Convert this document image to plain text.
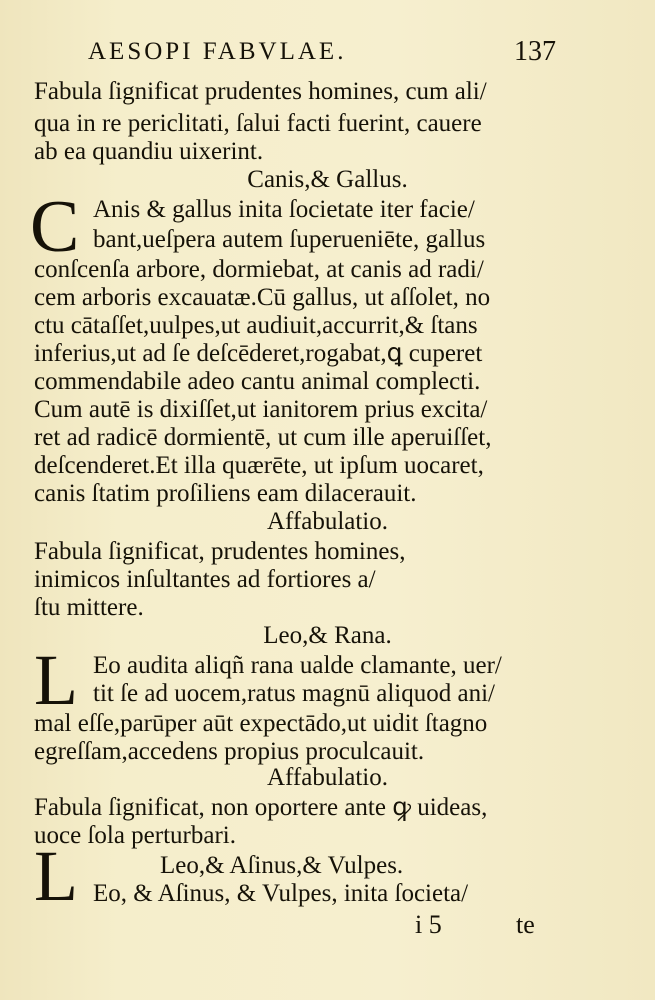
AESOPI FABVLAE.	137
Fabula ſignificat prudentes homines, cum ali/
qua in re periclitati, ſalui facti fuerint, cauere
ab ea quandiu uixerint.
Canis,& Gallus.
C Anis & gallus inita ſocietate iter facie/
bant,ueſpera autem ſuperueniēte, gallus
conſcenſa arbore, dormiebat, at canis ad radi/
cem arboris excauatæ.Cū gallus, ut aſſolet, no
ctu cātaſſet,uulpes,ut audiuit,accurrit,& ſtans
inferius,ut ad ſe deſcēderet,rogabat,ꝗ cuperet
commendabile adeo cantu animal complecti.
Cum autē is dixiſſet,ut ianitorem prius excita/
ret ad radicē dormientē, ut cum ille aperuiſſet,
deſcenderet.Et illa quærēte, ut ipſum uocaret,
canis ſtatim proſiliens eam dilacerauit.
Affabulatio.
Fabula ſignificat, prudentes homines,
inimicos inſultantes ad fortiores a/
ſtu mittere.
Leo,& Rana.
L Eo audita aliqñ rana ualde clamante, uer/
tit ſe ad uocem,ratus magnū aliquod ani/
mal eſſe,parūper aūt expectādo,ut uidit ſtagno
egreſſam,accedens propius proculcauit.
Affabulatio.
Fabula ſignificat, non oportere ante ꝙ uideas,
uoce ſola perturbari.
L	Leo,& Aſinus,& Vulpes.
Eo, & Aſinus, & Vulpes, inita ſocieta/
i 5	te
